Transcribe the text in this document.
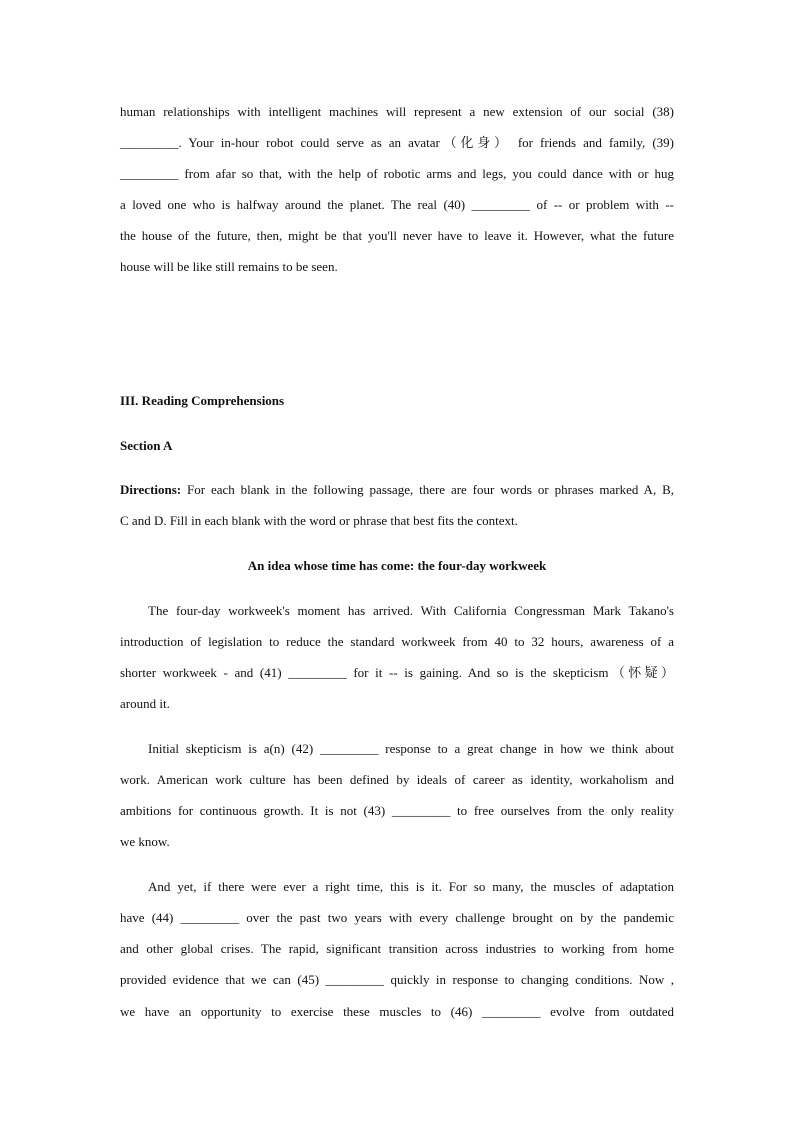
human relationships with intelligent machines will represent a new extension of our social (38)
_________. Your in-hour robot could serve as an avatar（化身） for friends and family, (39)
_________ from afar so that, with the help of robotic arms and legs, you could dance with or hug
a loved one who is halfway around the planet. The real (40) _________ of -- or problem with --
the house of the future, then, might be that you'll never have to leave it. However, what the future
house will be like still remains to be seen.
III. Reading Comprehensions
Section A
Directions: For each blank in the following passage, there are four words or phrases marked A, B,
C and D. Fill in each blank with the word or phrase that best fits the context.
An idea whose time has come: the four-day workweek
The four-day workweek's moment has arrived. With California Congressman Mark Takano's
introduction of legislation to reduce the standard workweek from 40 to 32 hours, awareness of a
shorter workweek - and (41) _________ for it -- is gaining. And so is the skepticism（怀疑）
around it.
Initial skepticism is a(n) (42) _________ response to a great change in how we think about
work. American work culture has been defined by ideals of career as identity, workaholism and
ambitions for continuous growth. It is not (43) _________ to free ourselves from the only reality
we know.
And yet, if there were ever a right time, this is it. For so many, the muscles of adaptation
have (44) _________ over the past two years with every challenge brought on by the pandemic
and other global crises. The rapid, significant transition across industries to working from home
provided evidence that we can (45) _________ quickly in response to changing conditions. Now ,
we have an opportunity to exercise these muscles to (46) _________ evolve from outdated
